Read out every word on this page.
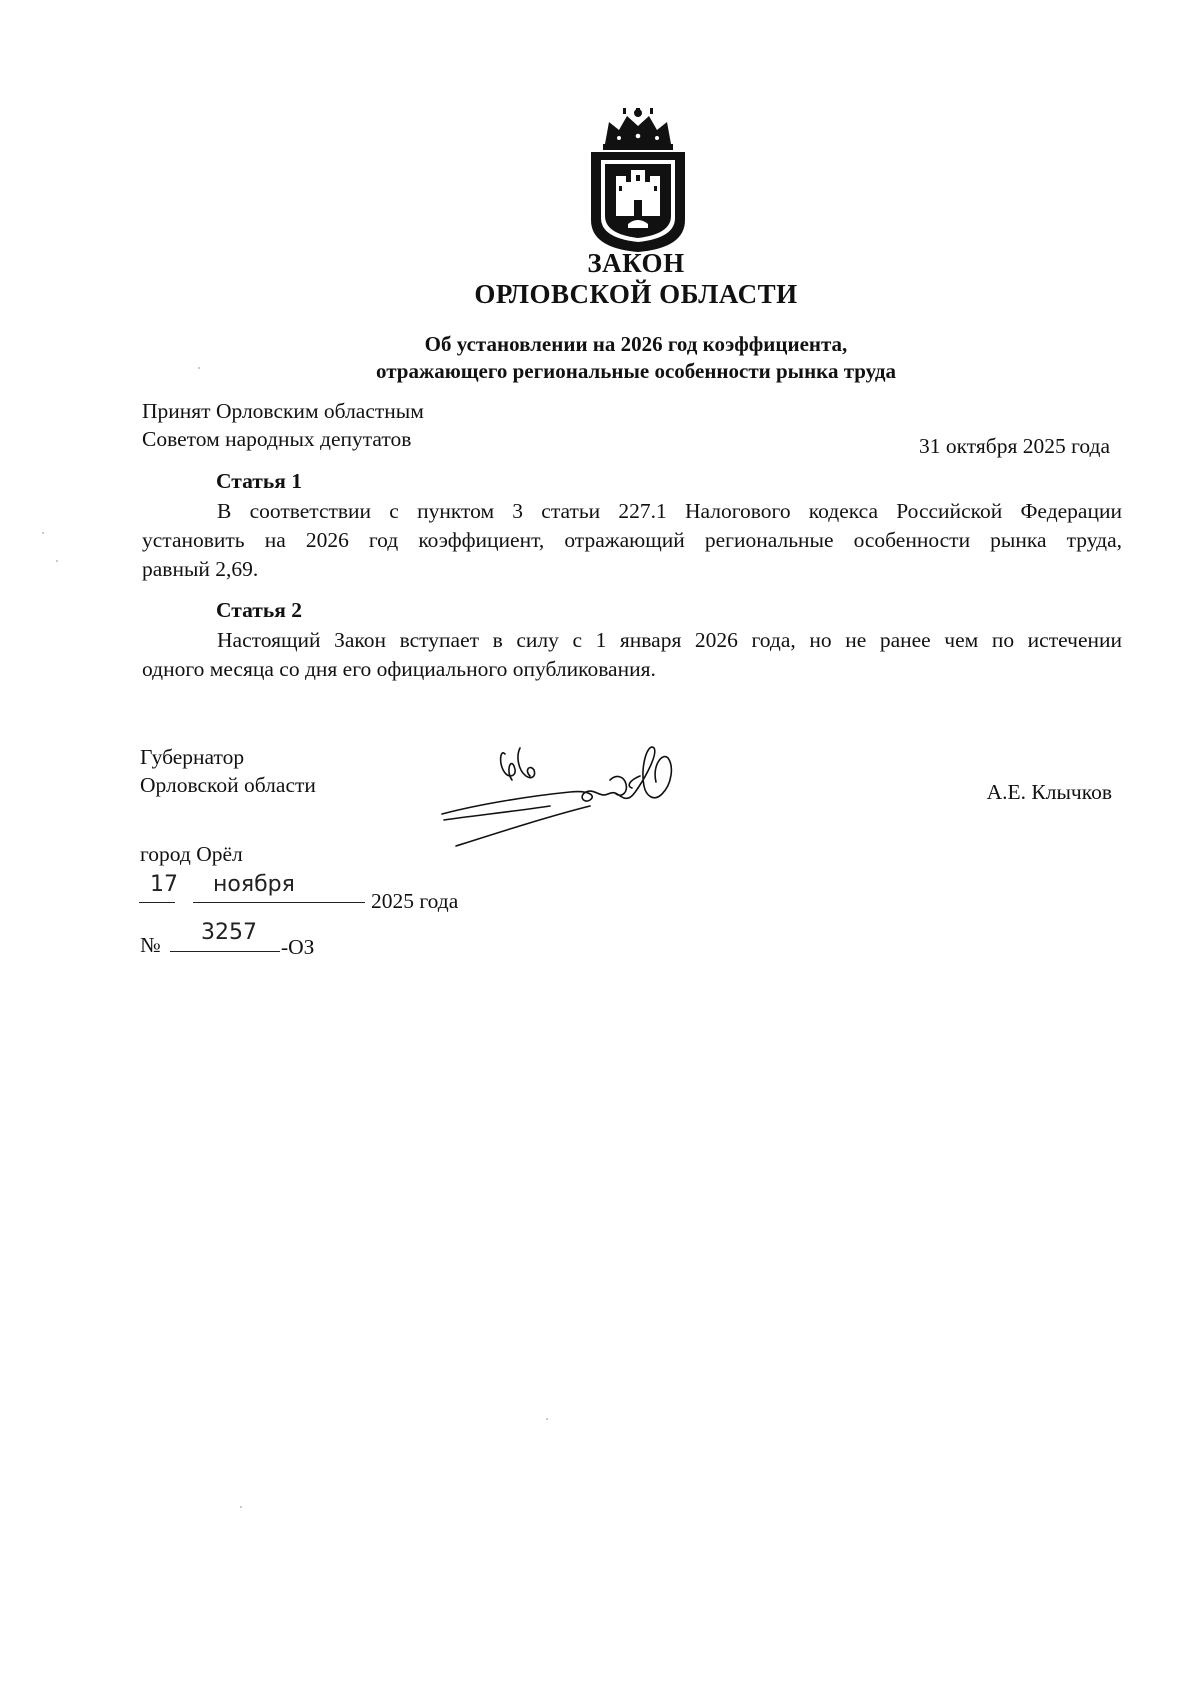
ЗАКОН
ОРЛОВСКОЙ ОБЛАСТИ
Об установлении на 2026 год коэффициента,
отражающего региональные особенности рынка труда
Принят Орловским областным
Советом народных депутатов	31 октября 2025 года
Статья 1
В соответствии с пунктом 3 статьи 227.1 Налогового кодекса Российской Федерации
установить на 2026 год коэффициент, отражающий региональные особенности рынка труда,
равный 2,69.
Статья 2
Настоящий Закон вступает в силу с 1 января 2026 года, но не ранее чем по истечении
одного месяца со дня его официального опубликования.
Губернатор
Орловской области	А.Е. Клычков
город Орёл
17 ноября
2025 года
№ 3257
-ОЗ
